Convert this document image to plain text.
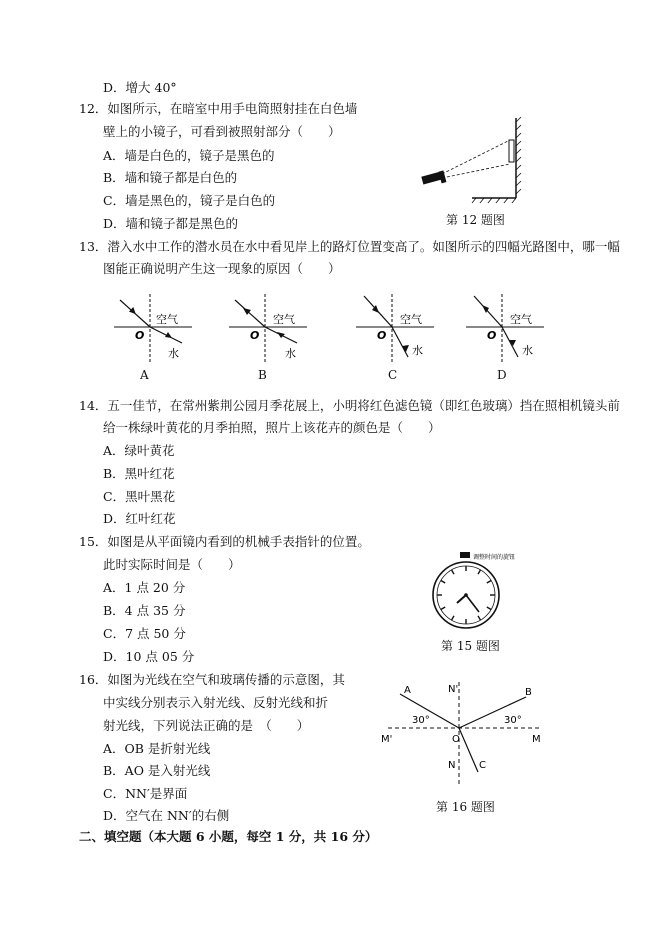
D．增大 40°
12．如图所示，在暗室中用手电筒照射挂在白色墙
壁上的小镜子，可看到被照射部分（　　）
A．墙是白色的，镜子是黑色的
B．墙和镜子都是白色的
C．墙是黑色的，镜子是白色的
D．墙和镜子都是黑色的	第 12 题图
13．潜入水中工作的潜水员在水中看见岸上的路灯位置变高了。如图所示的四幅光路图中，哪一幅
图能正确说明产生这一现象的原因（　　）
空气
水
O
A
空气
水
O
B
空气
水
O
C
空气
水
O
D
14．五一佳节，在常州紫荆公园月季花展上，小明将红色滤色镜（即红色玻璃）挡在照相机镜头前
给一株绿叶黄花的月季拍照，照片上该花卉的颜色是（　　）
A．绿叶黄花
B．黑叶红花
C．黑叶黑花
D．红叶红花
15．如图是从平面镜内看到的机械手表指针的位置。
此时实际时间是（　　）
A．1 点 20 分
B．4 点 35 分
C．7 点 50 分
D．10 点 05 分
调整时间的旋钮
第 15 题图
16．如图为光线在空气和玻璃传播的示意图，其
中实线分别表示入射光线、反射光线和折
射光线，下列说法正确的是　（　　）
A．OB 是折射光线
B．AO 是入射光线
C．NN′是界面
D．空气在 NN′的右侧
A	B
C
N'
N
M'	M
O
30°	30°
第 16 题图
二、填空题（本大题 6 小题，每空 1 分，共 16 分）
